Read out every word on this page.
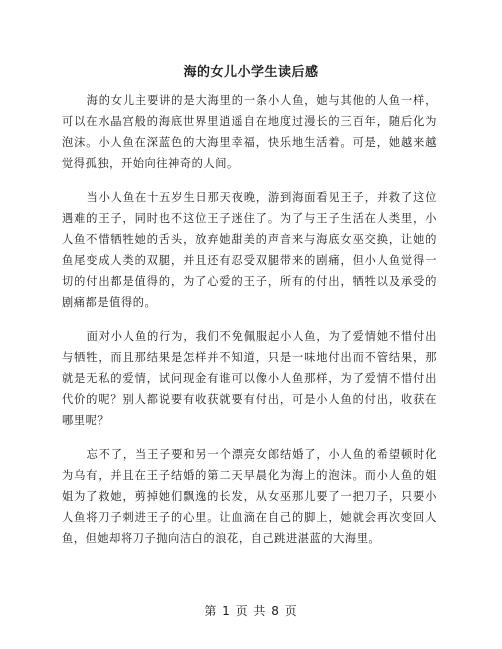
海的女儿小学生读后感

海的女儿主要讲的是大海里的一条小人鱼，她与其他的人鱼一样，可以在水晶宫般的海底世界里逍遥自在地度过漫长的三百年，随后化为泡沫。小人鱼在深蓝色的大海里幸福，快乐地生活着。可是，她越来越觉得孤独，开始向往神奇的人间。

当小人鱼在十五岁生日那天夜晚，游到海面看见王子，并救了这位遇难的王子，同时也不这位王子迷住了。为了与王子生活在人类里，小人鱼不惜牺牲她的舌头，放弃她甜美的声音来与海底女巫交换，让她的鱼尾变成人类的双腿，并且还有忍受双腿带来的剧痛，但小人鱼觉得一切的付出都是值得的，为了心爱的王子，所有的付出，牺牲以及承受的剧痛都是值得的。

面对小人鱼的行为，我们不免佩服起小人鱼，为了爱情她不惜付出与牺牲，而且那结果是怎样并不知道，只是一味地付出而不管结果，那就是无私的爱情，试问现金有谁可以像小人鱼那样，为了爱情不惜付出代价的呢？别人都说要有收获就要有付出，可是小人鱼的付出，收获在哪里呢？

忘不了，当王子要和另一个漂亮女郎结婚了，小人鱼的希望顿时化为乌有，并且在王子结婚的第二天早晨化为海上的泡沫。而小人鱼的姐姐为了救她，剪掉她们飘逸的长发，从女巫那儿要了一把刀子，只要小人鱼将刀子刺进王子的心里。让血滴在自己的脚上，她就会再次变回人鱼，但她却将刀子抛向洁白的浪花，自己跳进湛蓝的大海里。

第 1 页 共 8 页
